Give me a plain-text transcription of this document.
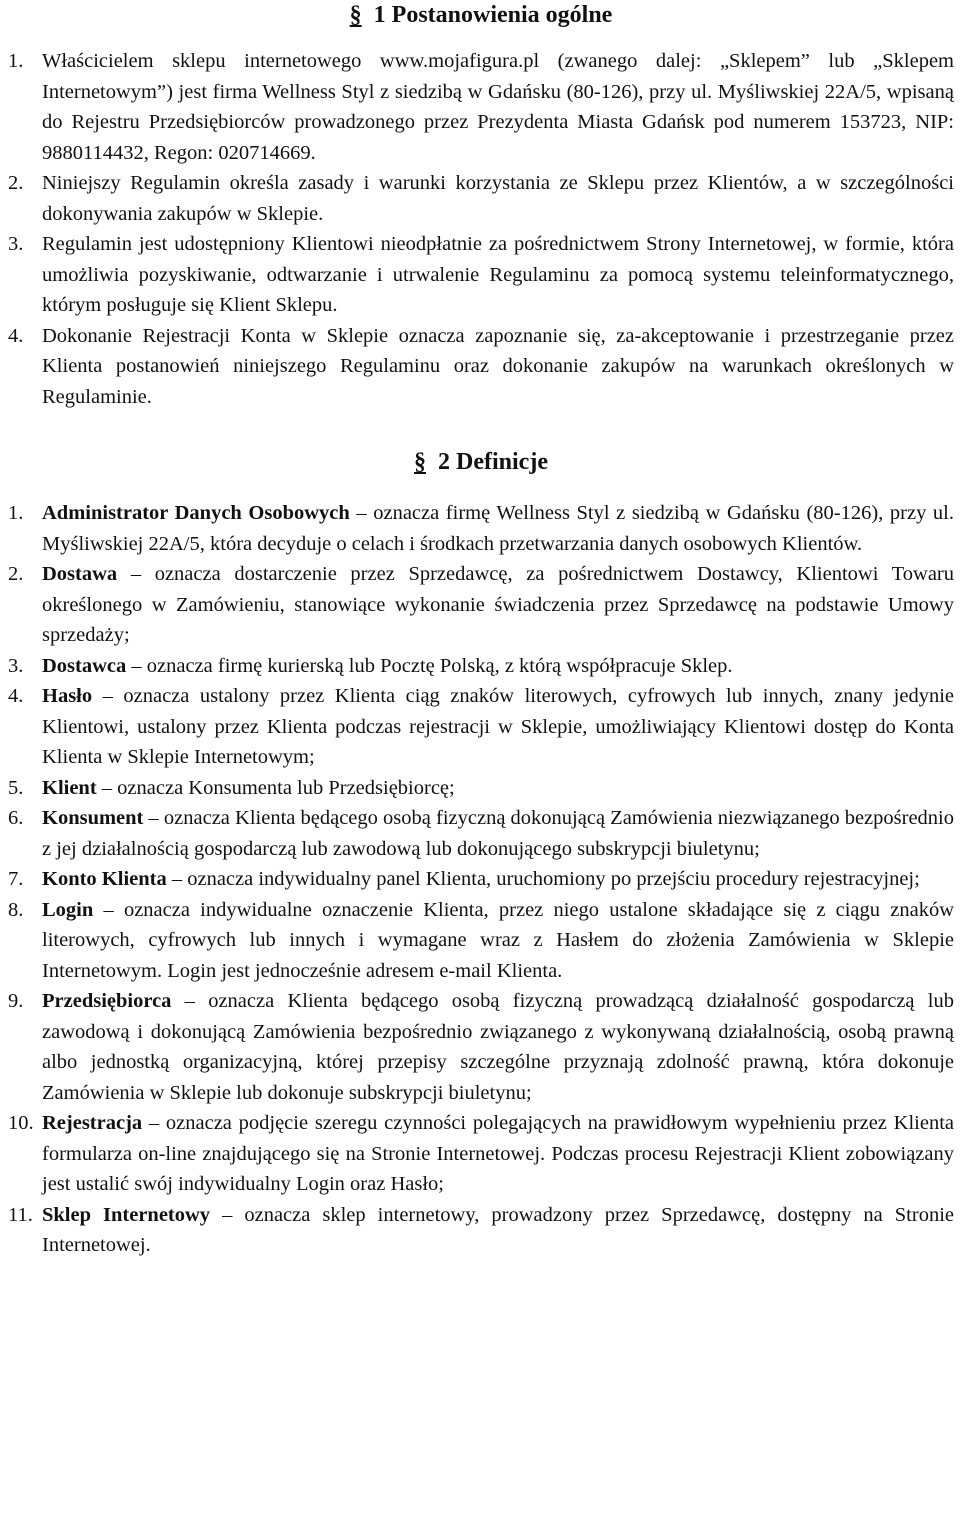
§ 1 Postanowienia ogólne
1. Właścicielem sklepu internetowego www.mojafigura.pl (zwanego dalej: „Sklepem” lub „Sklepem Internetowym”) jest firma Wellness Styl z siedzibą w Gdańsku (80-126), przy ul. Myśliwskiej 22A/5, wpisaną do Rejestru Przedsiębiorców prowadzonego przez Prezydenta Miasta Gdańsk pod numerem 153723, NIP: 9880114432, Regon: 020714669.
2. Niniejszy Regulamin określa zasady i warunki korzystania ze Sklepu przez Klientów, a w szczególności dokonywania zakupów w Sklepie.
3. Regulamin jest udostępniony Klientowi nieodpłatnie za pośrednictwem Strony Internetowej, w formie, która umożliwia pozyskiwanie, odtwarzanie i utrwalenie Regulaminu za pomocą systemu teleinformatycznego, którym posługuje się Klient Sklepu.
4. Dokonanie Rejestracji Konta w Sklepie oznacza zapoznanie się, za-akceptowanie i przestrzeganie przez Klienta postanowień niniejszego Regulaminu oraz dokonanie zakupów na warunkach określonych w Regulaminie.
§ 2 Definicje
1. Administrator Danych Osobowych – oznacza firmę Wellness Styl z siedzibą w Gdańsku (80-126), przy ul. Myśliwskiej 22A/5, która decyduje o celach i środkach przetwarzania danych osobowych Klientów.
2. Dostawa – oznacza dostarczenie przez Sprzedawcę, za pośrednictwem Dostawcy, Klientowi Towaru określonego w Zamówieniu, stanowiące wykonanie świadczenia przez Sprzedawcę na podstawie Umowy sprzedaży;
3. Dostawca – oznacza firmę kurierską lub Pocztę Polską, z którą współpracuje Sklep.
4. Hasło – oznacza ustalony przez Klienta ciąg znaków literowych, cyfrowych lub innych, znany jedynie Klientowi, ustalony przez Klienta podczas rejestracji w Sklepie, umożliwiający Klientowi dostęp do Konta Klienta w Sklepie Internetowym;
5. Klient – oznacza Konsumenta lub Przedsiębiorcę;
6. Konsument – oznacza Klienta będącego osobą fizyczną dokonującą Zamówienia niezwiązanego bezpośrednio z jej działalnością gospodarczą lub zawodową lub dokonującego subskrypcji biuletynu;
7. Konto Klienta – oznacza indywidualny panel Klienta, uruchomiony po przejściu procedury rejestracyjnej;
8. Login – oznacza indywidualne oznaczenie Klienta, przez niego ustalone składające się z ciągu znaków literowych, cyfrowych lub innych i wymagane wraz z Hasłem do złożenia Zamówienia w Sklepie Internetowym. Login jest jednocześnie adresem e-mail Klienta.
9. Przedsiębiorca – oznacza Klienta będącego osobą fizyczną prowadzącą działalność gospodarczą lub zawodową i dokonującą Zamówienia bezpośrednio związanego z wykonywaną działalnością, osobą prawną albo jednostką organizacyjną, której przepisy szczególne przyznają zdolność prawną, która dokonuje Zamówienia w Sklepie lub dokonuje subskrypcji biuletynu;
10. Rejestracja – oznacza podjęcie szeregu czynności polegających na prawidłowym wypełnieniu przez Klienta formularza on-line znajdującego się na Stronie Internetowej. Podczas procesu Rejestracji Klient zobowiązany jest ustalić swój indywidualny Login oraz Hasło;
11. Sklep Internetowy – oznacza sklep internetowy, prowadzony przez Sprzedawcę, dostępny na Stronie Internetowej.
